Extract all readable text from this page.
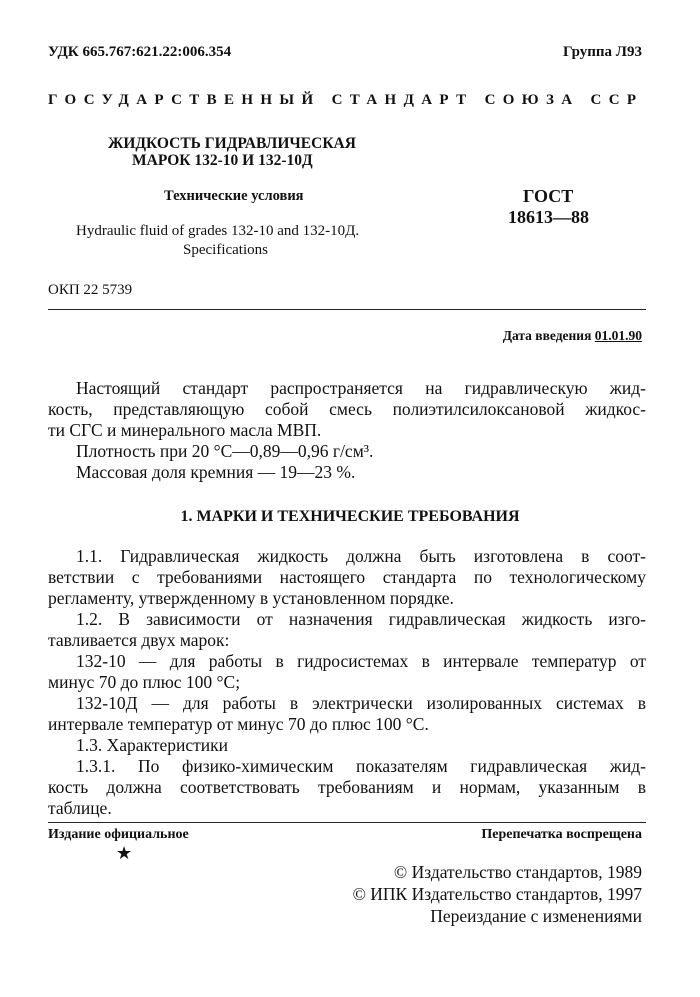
УДК 665.767:621.22:006.354	Группа Л93
ГОСУДАРСТВЕННЫЙ СТАНДАРТ СОЮЗА ССР
ЖИДКОСТЬ ГИДРАВЛИЧЕСКАЯ
МАРОК 132-10 И 132-10Д
Технические условия	ГОСТ
18613—88
Hydraulic fluid of grades 132-10 and 132-10Д.
Specifications
ОКП 22 5739
Дата введения 01.01.90
Настоящий стандарт распространяется на гидравлическую жид-
кость, представляющую собой смесь полиэтилсилоксановой жидкос-
ти СГС и минерального масла МВП.
Плотность при 20 °С—0,89—0,96 г/см³.
Массовая доля кремния — 19—23 %.
1. МАРКИ И ТЕХНИЧЕСКИЕ ТРЕБОВАНИЯ
1.1. Гидравлическая жидкость должна быть изготовлена в соот-
ветствии с требованиями настоящего стандарта по технологическому
регламенту, утвержденному в установленном порядке.
1.2. В зависимости от назначения гидравлическая жидкость изго-
тавливается двух марок:
132-10 — для работы в гидросистемах в интервале температур от
минус 70 до плюс 100 °С;
132-10Д — для работы в электрически изолированных системах в
интервале температур от минус 70 до плюс 100 °С.
1.3. Характеристики
1.3.1. По физико-химическим показателям гидравлическая жид-
кость должна соответствовать требованиям и нормам, указанным в
таблице.
Издание официальное
★
Перепечатка воспрещена
© Издательство стандартов, 1989
© ИПК Издательство стандартов, 1997
Переиздание с изменениями
